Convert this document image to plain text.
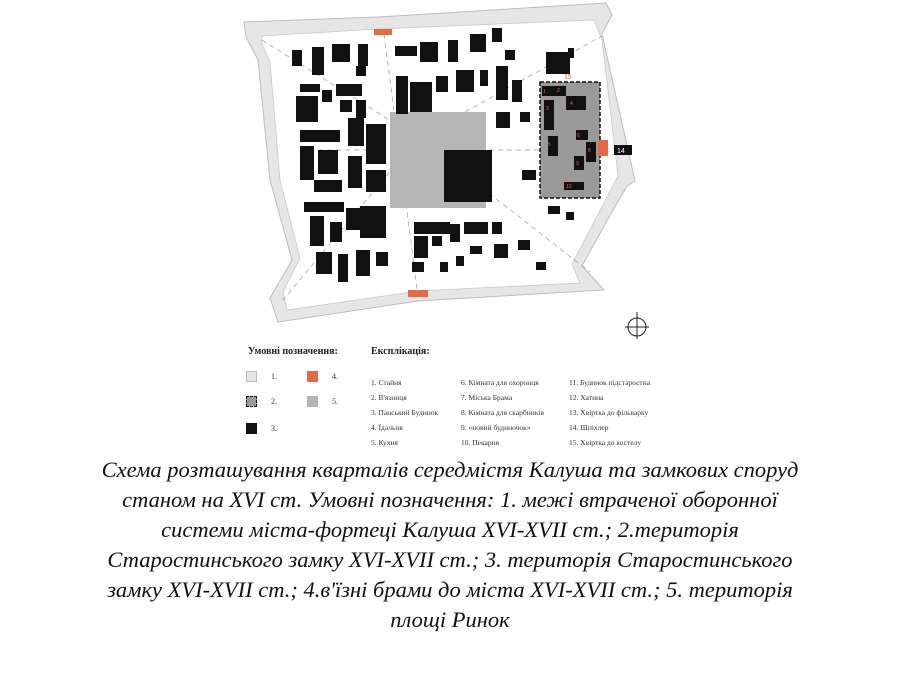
1 2
3
4
5
6
8
9
10
15
14
Умовні позначення:
1.
2.
3.
4.
5.
Експлікація:
1. Стайня
2. В'язниця
3. Панський Будинок
4. Їдальня
5. Кухня
6. Кімната для охоронця
7. Міська Брама
8. Кімната для скарбників
9. «новий будиночок»
10. Пекарня
11. Будинок підстаростна
12. Хатина
13. Хвіртка до фільварку
14. Шпіхлер
15. Хвіртка до костелу
Схема розташування кварталів середмістя Калуша та замкових споруд станом на XVI ст. Умовні позначення: 1. межі втраченої оборонної системи міста-фортеці Калуша XVI-XVII ст.; 2.територія Старостинського замку XVI-XVII ст.; 3. територія Старостинського замку XVI-XVII ст.; 4.в'їзні брами до міста XVI-XVII ст.; 5. територія площі Ринок
